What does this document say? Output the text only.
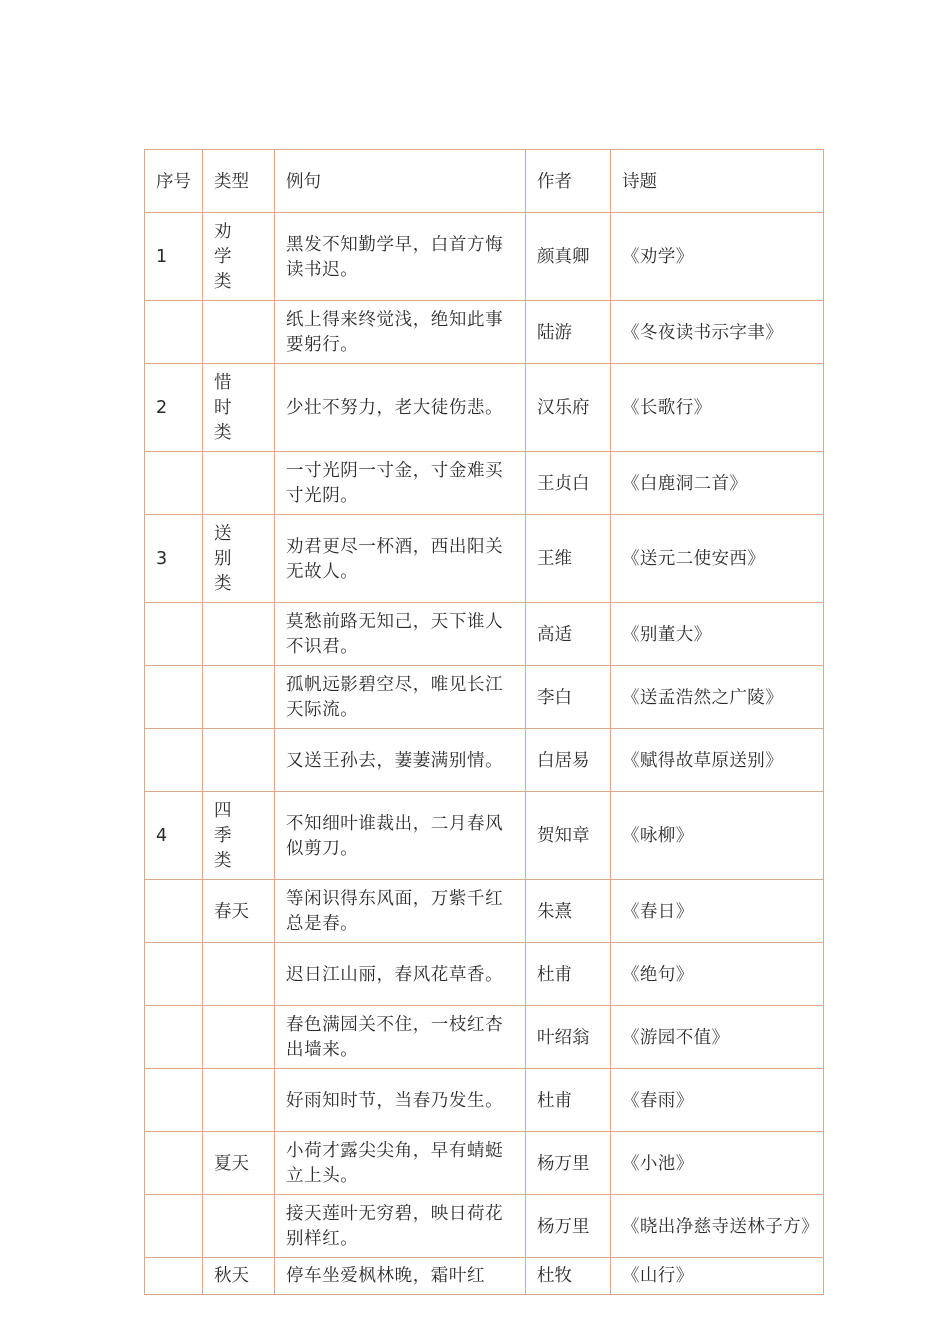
序号	类型	例句	作者	诗题
1	劝学类	黑发不知勤学早，白首方悔读书迟。	颜真卿	《劝学》
		纸上得来终觉浅，绝知此事要躬行。	陆游	《冬夜读书示字聿》
2	惜时类	少壮不努力，老大徒伤悲。	汉乐府	《长歌行》
		一寸光阴一寸金，寸金难买寸光阴。	王贞白	《白鹿洞二首》
3	送别类	劝君更尽一杯酒，西出阳关无故人。	王维	《送元二使安西》
		莫愁前路无知己，天下谁人不识君。	高适	《别董大》
		孤帆远影碧空尽，唯见长江天际流。	李白	《送孟浩然之广陵》
		又送王孙去，萋萋满别情。	白居易	《赋得故草原送别》
4	四季类	不知细叶谁裁出，二月春风似剪刀。	贺知章	《咏柳》
	春天	等闲识得东风面，万紫千红总是春。	朱熹	《春日》
		迟日江山丽，春风花草香。	杜甫	《绝句》
		春色满园关不住，一枝红杏出墙来。	叶绍翁	《游园不值》
		好雨知时节，当春乃发生。	杜甫	《春雨》
	夏天	小荷才露尖尖角，早有蜻蜓立上头。	杨万里	《小池》
		接天莲叶无穷碧，映日荷花别样红。	杨万里	《晓出净慈寺送林子方》
	秋天	停车坐爱枫林晚，霜叶红	杜牧	《山行》
